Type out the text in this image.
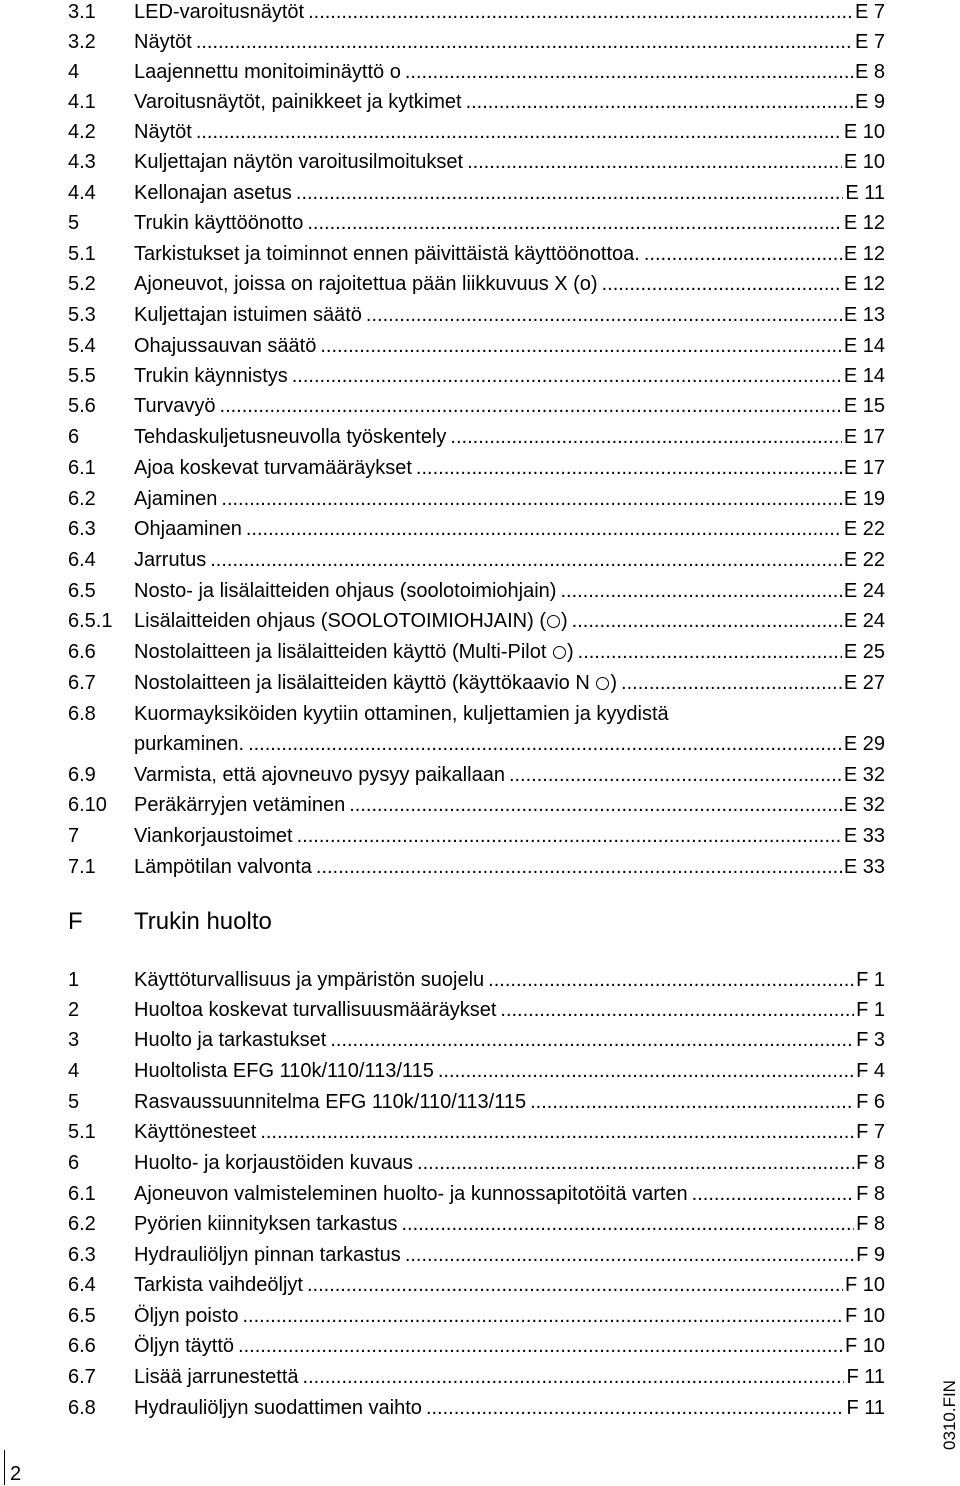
3.1	LED-varoitusnäytöt .....	E 7
3.2	Näytöt .....	E 7
4	Laajennettu monitoiminäyttö o .....	E 8
4.1	Varoitusnäytöt, painikkeet ja kytkimet .....	E 9
4.2	Näytöt .....	E 10
4.3	Kuljettajan näytön varoitusilmoitukset .....	E 10
4.4	Kellonajan asetus .....	E 11
5	Trukin käyttöönotto .....	E 12
5.1	Tarkistukset ja toiminnot ennen päivittäistä käyttöönottoa. .....	E 12
5.2	Ajoneuvot, joissa on rajoitettua pään liikkuvuus X (o) .....	E 12
5.3	Kuljettajan istuimen säätö .....	E 13
5.4	Ohajussauvan säätö .....	E 14
5.5	Trukin käynnistys .....	E 14
5.6	Turvavyö .....	E 15
6	Tehdaskuljetusneuvolla työskentely .....	E 17
6.1	Ajoa koskevat turvamääräykset .....	E 17
6.2	Ajaminen .....	E 19
6.3	Ohjaaminen .....	E 22
6.4	Jarrutus .....	E 22
6.5	Nosto- ja lisälaitteiden ohjaus (soolotoimiohjain) .....	E 24
6.5.1	Lisälaitteiden ohjaus (SOOLOTOIMIOHJAIN) ( ) .....	E 24
6.6	Nostolaitteen ja lisälaitteiden käyttö (Multi-Pilot ) .....	E 25
6.7	Nostolaitteen ja lisälaitteiden käyttö (käyttökaavio N ) .....	E 27
6.8	Kuormayksiköiden kyytiin ottaminen, kuljettamien ja kyydistä
purkaminen. .....	E 29
6.9	Varmista, että ajovneuvo pysyy paikallaan .....	E 32
6.10	Peräkärryjen vetäminen .....	E 32
7	Viankorjaustoimet .....	E 33
7.1	Lämpötilan valvonta .....	E 33
F	Trukin huolto
1	Käyttöturvallisuus ja ympäristön suojelu .....	F 1
2	Huoltoa koskevat turvallisuusmääräykset .....	F 1
3	Huolto ja tarkastukset .....	F 3
4	Huoltolista EFG 110k/110/113/115 .....	F 4
5	Rasvaussuunnitelma EFG 110k/110/113/115 .....	F 6
5.1	Käyttönesteet .....	F 7
6	Huolto- ja korjaustöiden kuvaus .....	F 8
6.1	Ajoneuvon valmisteleminen huolto- ja kunnossapitotöitä varten .....	F 8
6.2	Pyörien kiinnityksen tarkastus .....	F 8
6.3	Hydrauliöljyn pinnan tarkastus .....	F 9
6.4	Tarkista vaihdeöljyt .....	F 10
6.5	Öljyn poisto .....	F 10
6.6	Öljyn täyttö .....	F 10
6.7	Lisää jarrunestettä .....	F 11
6.8	Hydrauliöljyn suodattimen vaihto .....	F 11	0310.FIN
2
